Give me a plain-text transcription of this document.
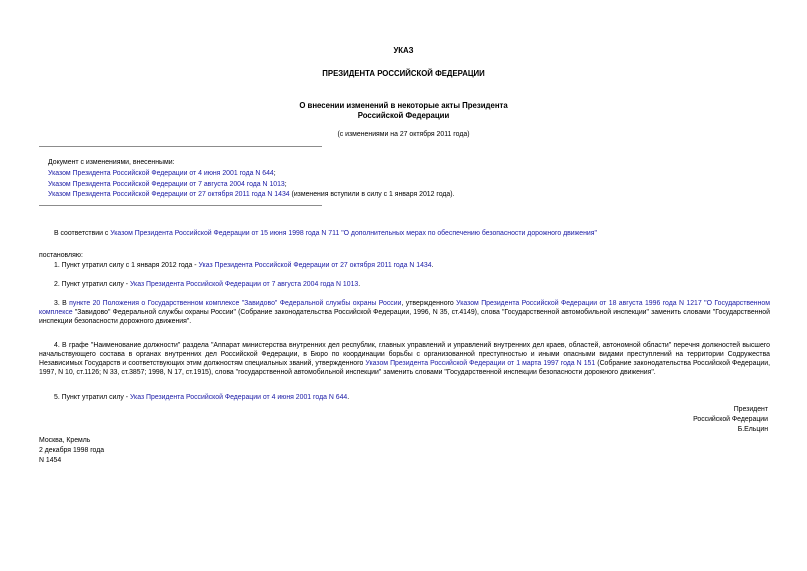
УКАЗ
ПРЕЗИДЕНТА РОССИЙСКОЙ ФЕДЕРАЦИИ
О внесении изменений в некоторые акты Президента
Российской Федерации
(с изменениями на 27 октября 2011 года)
Документ с изменениями, внесенными:
Указом Президента Российской Федерации от 4 июня 2001 года N 644;
Указом Президента Российской Федерации от 7 августа 2004 года N 1013;
Указом Президента Российской Федерации от 27 октября 2011 года N 1434 (изменения вступили в силу с 1 января 2012 года).
В соответствии с Указом Президента Российской Федерации от 15 июня 1998 года N 711 "О дополнительных мерах по обеспечению безопасности дорожного движения"
постановляю:
1. Пункт утратил силу с 1 января 2012 года - Указ Президента Российской Федерации от 27 октября 2011 года N 1434.
2. Пункт утратил силу - Указ Президента Российской Федерации от 7 августа 2004 года N 1013.
3. В пункте 20 Положения о Государственном комплексе "Завидово" Федеральной службы охраны России, утвержденного Указом Президента Российской Федерации от 18 августа 1996 года N 1217 "О Государственном комплексе "Завидово" Федеральной службы охраны России" (Собрание законодательства Российской Федерации, 1996, N 35, ст.4149), слова "Государственной автомобильной инспекции" заменить словами "Государственной инспекции безопасности дорожного движения".
4. В графе "Наименование должности" раздела "Аппарат министерства внутренних дел республик, главных управлений и управлений внутренних дел краев, областей, автономной области" перечня должностей высшего начальствующего состава в органах внутренних дел Российской Федерации, в Бюро по координации борьбы с организованной преступностью и иными опасными видами преступлений на территории Содружества Независимых Государств и соответствующих этим должностям специальных званий, утвержденного Указом Президента Российской Федерации от 1 марта 1997 года N 151 (Собрание законодательства Российской Федерации, 1997, N 10, ст.1126; N 33, ст.3857; 1998, N 17, ст.1915), слова "государственной автомобильной инспекции" заменить словами "Государственной инспекции безопасности дорожного движения".
5. Пункт утратил силу - Указ Президента Российской Федерации от 4 июня 2001 года N 644.
Президент
Российской Федерации
Б.Ельцин
Москва, Кремль
2 декабря 1998 года
N 1454
